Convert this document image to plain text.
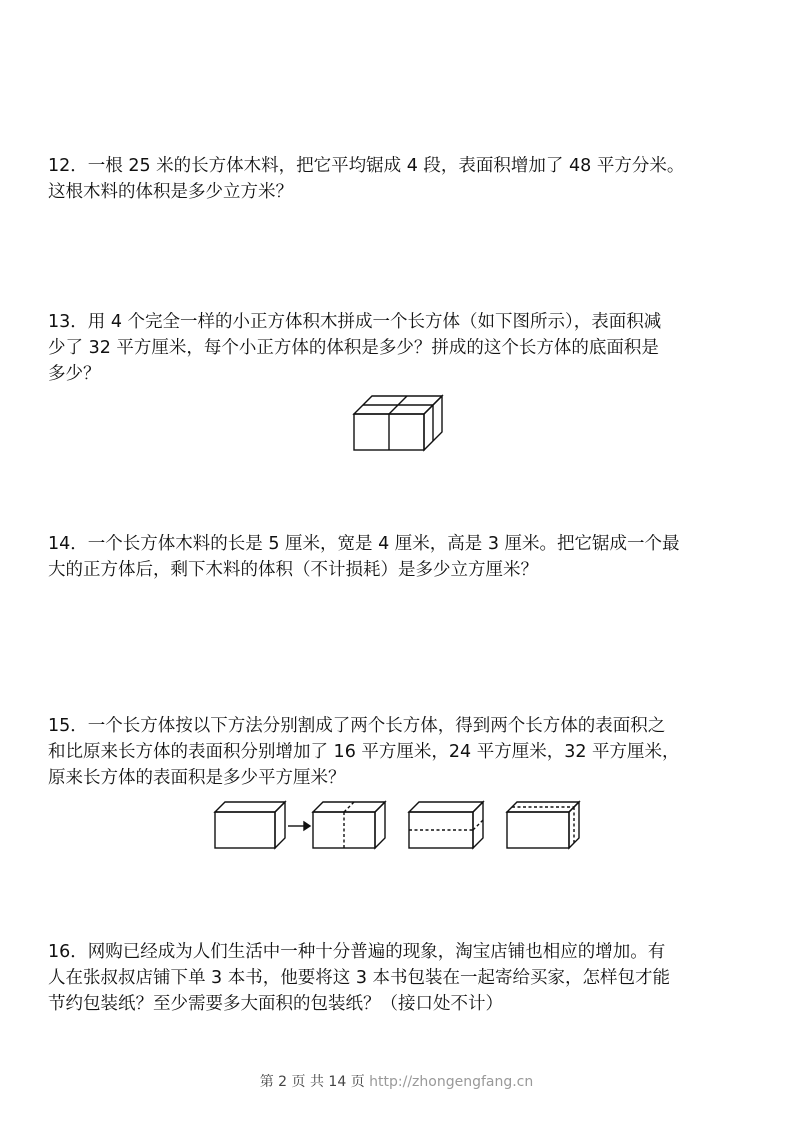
12．一根 25 米的长方体木料，把它平均锯成 4 段，表面积增加了 48 平方分米。
这根木料的体积是多少立方米？
13．用 4 个完全一样的小正方体积木拼成一个长方体（如下图所示），表面积减
少了 32 平方厘米，每个小正方体的体积是多少？拼成的这个长方体的底面积是
多少？
14．一个长方体木料的长是 5 厘米，宽是 4 厘米，高是 3 厘米。把它锯成一个最
大的正方体后，剩下木料的体积（不计损耗）是多少立方厘米？
15．一个长方体按以下方法分别割成了两个长方体，得到两个长方体的表面积之
和比原来长方体的表面积分别增加了 16 平方厘米，24 平方厘米，32 平方厘米，
原来长方体的表面积是多少平方厘米？
16．网购已经成为人们生活中一种十分普遍的现象，淘宝店铺也相应的增加。有
人在张叔叔店铺下单 3 本书，他要将这 3 本书包装在一起寄给买家，怎样包才能
节约包装纸？至少需要多大面积的包装纸？（接口处不计）
第 2 页 共 14 页 http://zhongengfang.cn
